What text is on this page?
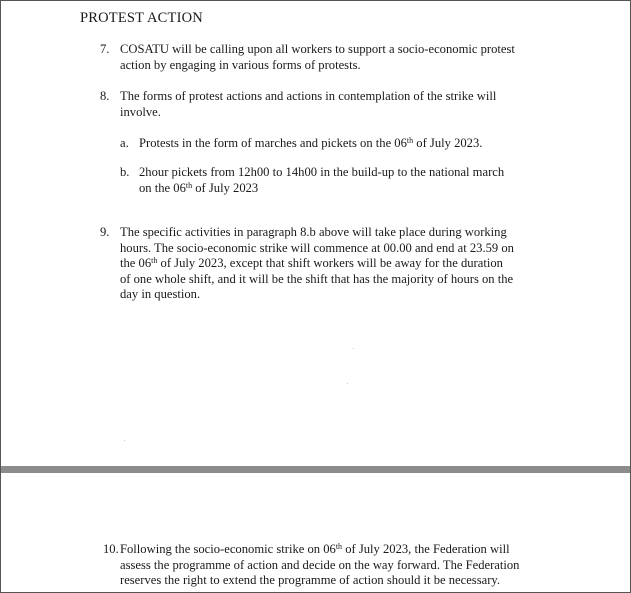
PROTEST ACTION
7. COSATU will be calling upon all workers to support a socio-economic protest
action by engaging in various forms of protests.
8. The forms of protest actions and actions in contemplation of the strike will
involve.
a. Protests in the form of marches and pickets on the 06th of July 2023.
b. 2hour pickets from 12h00 to 14h00 in the build-up to the national march
on the 06th of July 2023
9. The specific activities in paragraph 8.b above will take place during working
hours. The socio-economic strike will commence at 00.00 and end at 23.59 on
the 06th of July 2023, except that shift workers will be away for the duration
of one whole shift, and it will be the shift that has the majority of hours on the
day in question.
10. Following the socio-economic strike on 06th of July 2023, the Federation will
assess the programme of action and decide on the way forward. The Federation
reserves the right to extend the programme of action should it be necessary.
